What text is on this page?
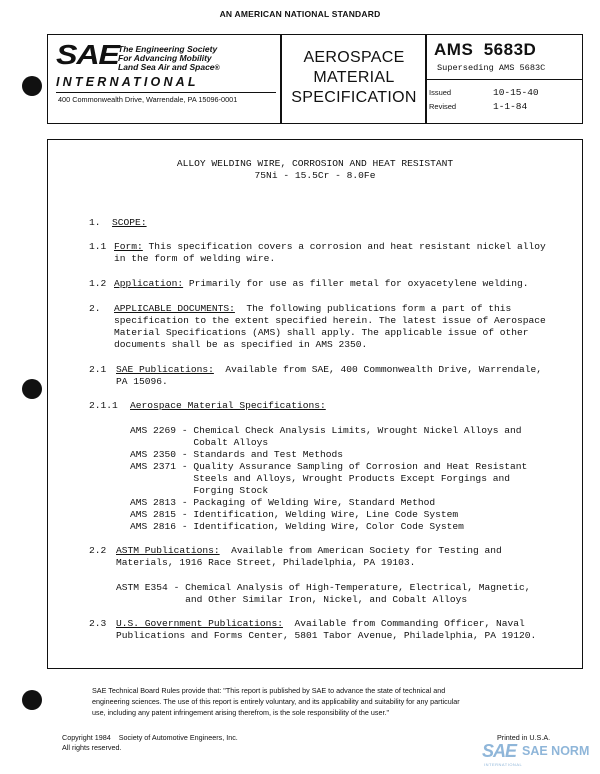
AN AMERICAN NATIONAL STANDARD
SAE The Engineering Society
For Advancing Mobility
Land Sea Air and Space®
INTERNATIONAL
400 Commonwealth Drive, Warrendale, PA 15096-0001
AEROSPACE
MATERIAL
SPECIFICATION
AMS  5683D
Superseding AMS 5683C
Issued	10-15-40
Revised	1-1-84
ALLOY WELDING WIRE, CORROSION AND HEAT RESISTANT
75Ni - 15.5Cr - 8.0Fe
1. SCOPE:
1.1 Form: This specification covers a corrosion and heat resistant nickel alloy
in the form of welding wire.
1.2 Application: Primarily for use as filler metal for oxyacetylene welding.
2. APPLICABLE DOCUMENTS:  The following publications form a part of this
specification to the extent specified herein. The latest issue of Aerospace
Material Specifications (AMS) shall apply. The applicable issue of other
documents shall be as specified in AMS 2350.
2.1 SAE Publications:  Available from SAE, 400 Commonwealth Drive, Warrendale,
PA 15096.
2.1.1 Aerospace Material Specifications:
AMS 2269 - Chemical Check Analysis Limits, Wrought Nickel Alloys and
Cobalt Alloys
AMS 2350 - Standards and Test Methods
AMS 2371 - Quality Assurance Sampling of Corrosion and Heat Resistant
Steels and Alloys, Wrought Products Except Forgings and
Forging Stock
AMS 2813 - Packaging of Welding Wire, Standard Method
AMS 2815 - Identification, Welding Wire, Line Code System
AMS 2816 - Identification, Welding Wire, Color Code System
2.2 ASTM Publications:  Available from American Society for Testing and
Materials, 1916 Race Street, Philadelphia, PA 19103.
ASTM E354 - Chemical Analysis of High-Temperature, Electrical, Magnetic,
and Other Similar Iron, Nickel, and Cobalt Alloys
2.3 U.S. Government Publications:  Available from Commanding Officer, Naval
Publications and Forms Center, 5801 Tabor Avenue, Philadelphia, PA 19120.
SAE Technical Board Rules provide that: "This report is published by SAE to advance the state of technical and
engineering sciences. The use of this report is entirely voluntary, and its applicability and suitability for any particular
use, including any patent infringement arising therefrom, is the sole responsibility of the user."
Copyright 1984    Society of Automotive Engineers, Inc.
All rights reserved.
Printed in U.S.A.
SAE SAE NORM
INTERNATIONAL
